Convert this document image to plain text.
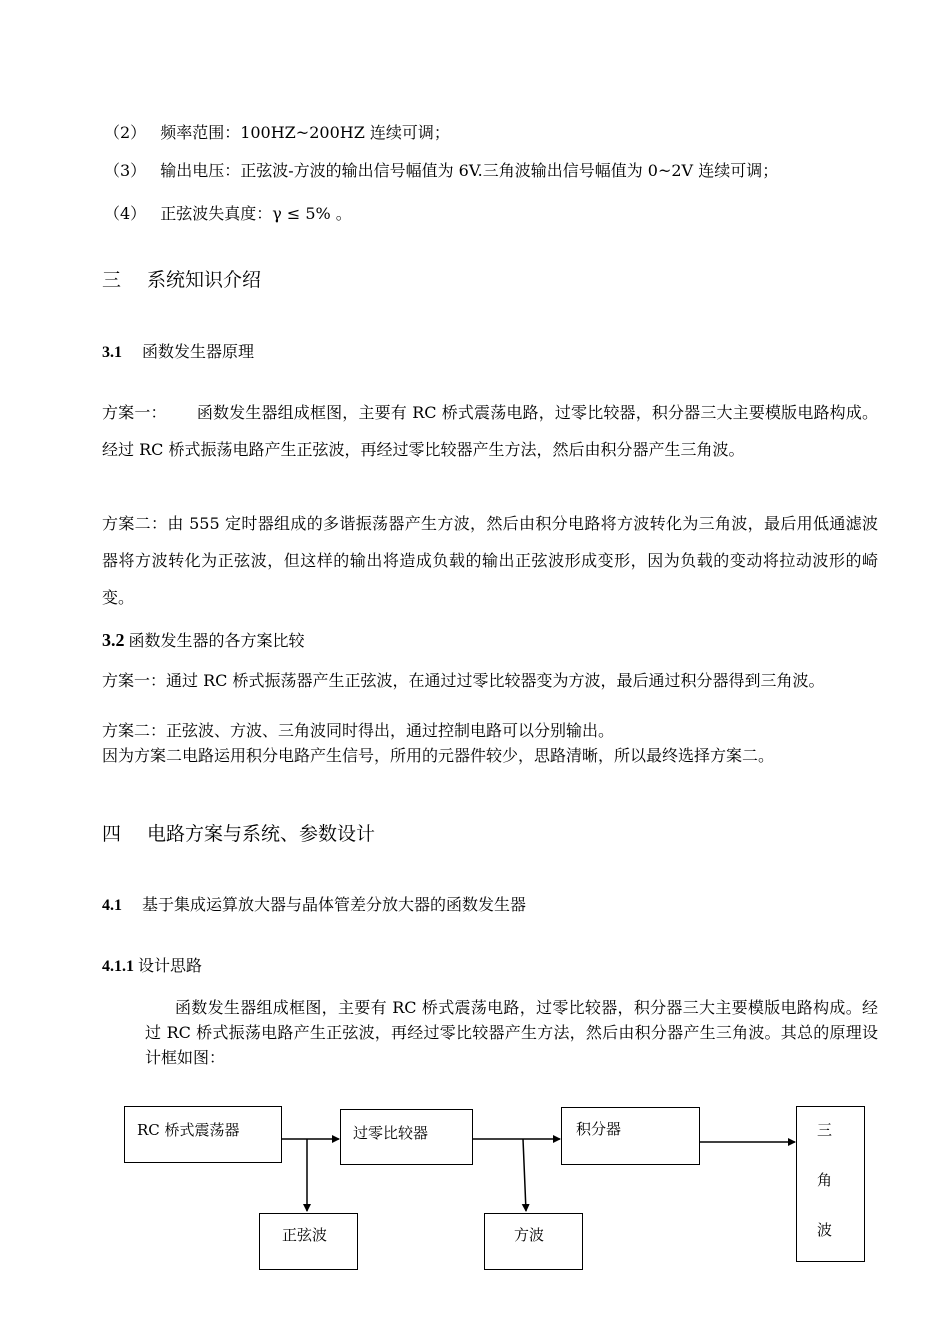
（2） 频率范围：100HZ~200HZ 连续可调；
（3） 输出电压：正弦波-方波的输出信号幅值为 6V.三角波输出信号幅值为 0~2V 连续可调；
（4） 正弦波失真度：γ ≤ 5% 。
三 系统知识介绍
3.1 函数发生器原理
方案一： 函数发生器组成框图，主要有 RC 桥式震荡电路，过零比较器，积分器三大主要模版电路构成。经过 RC 桥式振荡电路产生正弦波，再经过零比较器产生方法，然后由积分器产生三角波。
方案二：由 555 定时器组成的多谐振荡器产生方波，然后由积分电路将方波转化为三角波，最后用低通滤波器将方波转化为正弦波，但这样的输出将造成负载的输出正弦波形成变形，因为负载的变动将拉动波形的崎变。
3.2 函数发生器的各方案比较
方案一：通过 RC 桥式振荡器产生正弦波，在通过过零比较器变为方波，最后通过积分器得到三角波。
方案二：正弦波、方波、三角波同时得出，通过控制电路可以分别输出。
因为方案二电路运用积分电路产生信号，所用的元器件较少，思路清晰，所以最终选择方案二。
四 电路方案与系统、参数设计
4.1 基于集成运算放大器与晶体管差分放大器的函数发生器
4.1.1 设计思路
函数发生器组成框图，主要有 RC 桥式震荡电路，过零比较器，积分器三大主要模版电路构成。经过 RC 桥式振荡电路产生正弦波，再经过零比较器产生方法，然后由积分器产生三角波。其总的原理设计框如图：
RC 桥式震荡器	过零比较器	积分器	三
角
波
正弦波	方波
